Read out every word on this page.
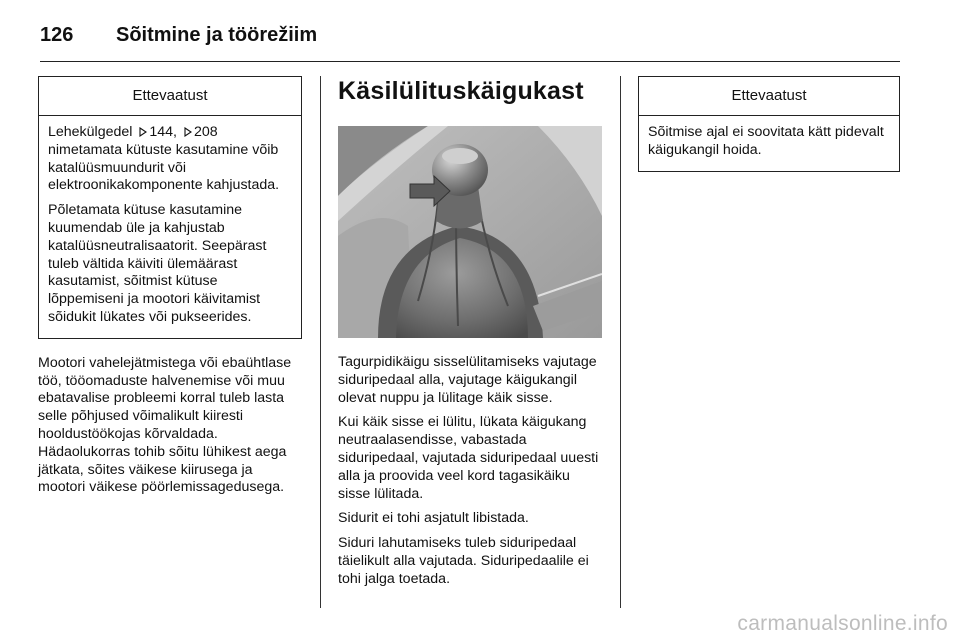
126	Sõitmine ja töörežiim
Ettevaatust

Lehekülgedel 144, 208 nimetamata kütuste kasutamine võib katalüüsmuundurit või elektroonikakomponente kahjustada.

Põletamata kütuse kasutamine kuumendab üle ja kahjustab katalüüsneutralisaatorit. Seepärast tuleb vältida käiviti ülemäärast kasutamist, sõitmist kütuse lõppemiseni ja mootori käivitamist sõidukit lükates või pukseerides.

Mootori vahelejätmistega või ebaühtlase töö, tööomaduste halvenemise või muu ebatavalise probleemi korral tuleb lasta selle põhjused võimalikult kiiresti hooldustöökojas kõrvaldada. Hädaolukorras tohib sõitu lühikest aega jätkata, sõites väikese kiirusega ja mootori väikese pöörlemissagedusega.

Käsilülituskäigukast

Tagurpidikäigu sisselülitamiseks vajutage siduripedaal alla, vajutage käigukangil olevat nuppu ja lülitage käik sisse.

Kui käik sisse ei lülitu, lükata käigukang neutraalasendisse, vabastada siduripedaal, vajutada siduripedaal uuesti alla ja proovida veel kord tagasikäiku sisse lülitada.

Sidurit ei tohi asjatult libistada.

Siduri lahutamiseks tuleb siduripedaal täielikult alla vajutada. Siduripedaalile ei tohi jalga toetada.

Ettevaatust

Sõitmise ajal ei soovitata kätt pidevalt käigukangil hoida.

carmanualsonline.info
